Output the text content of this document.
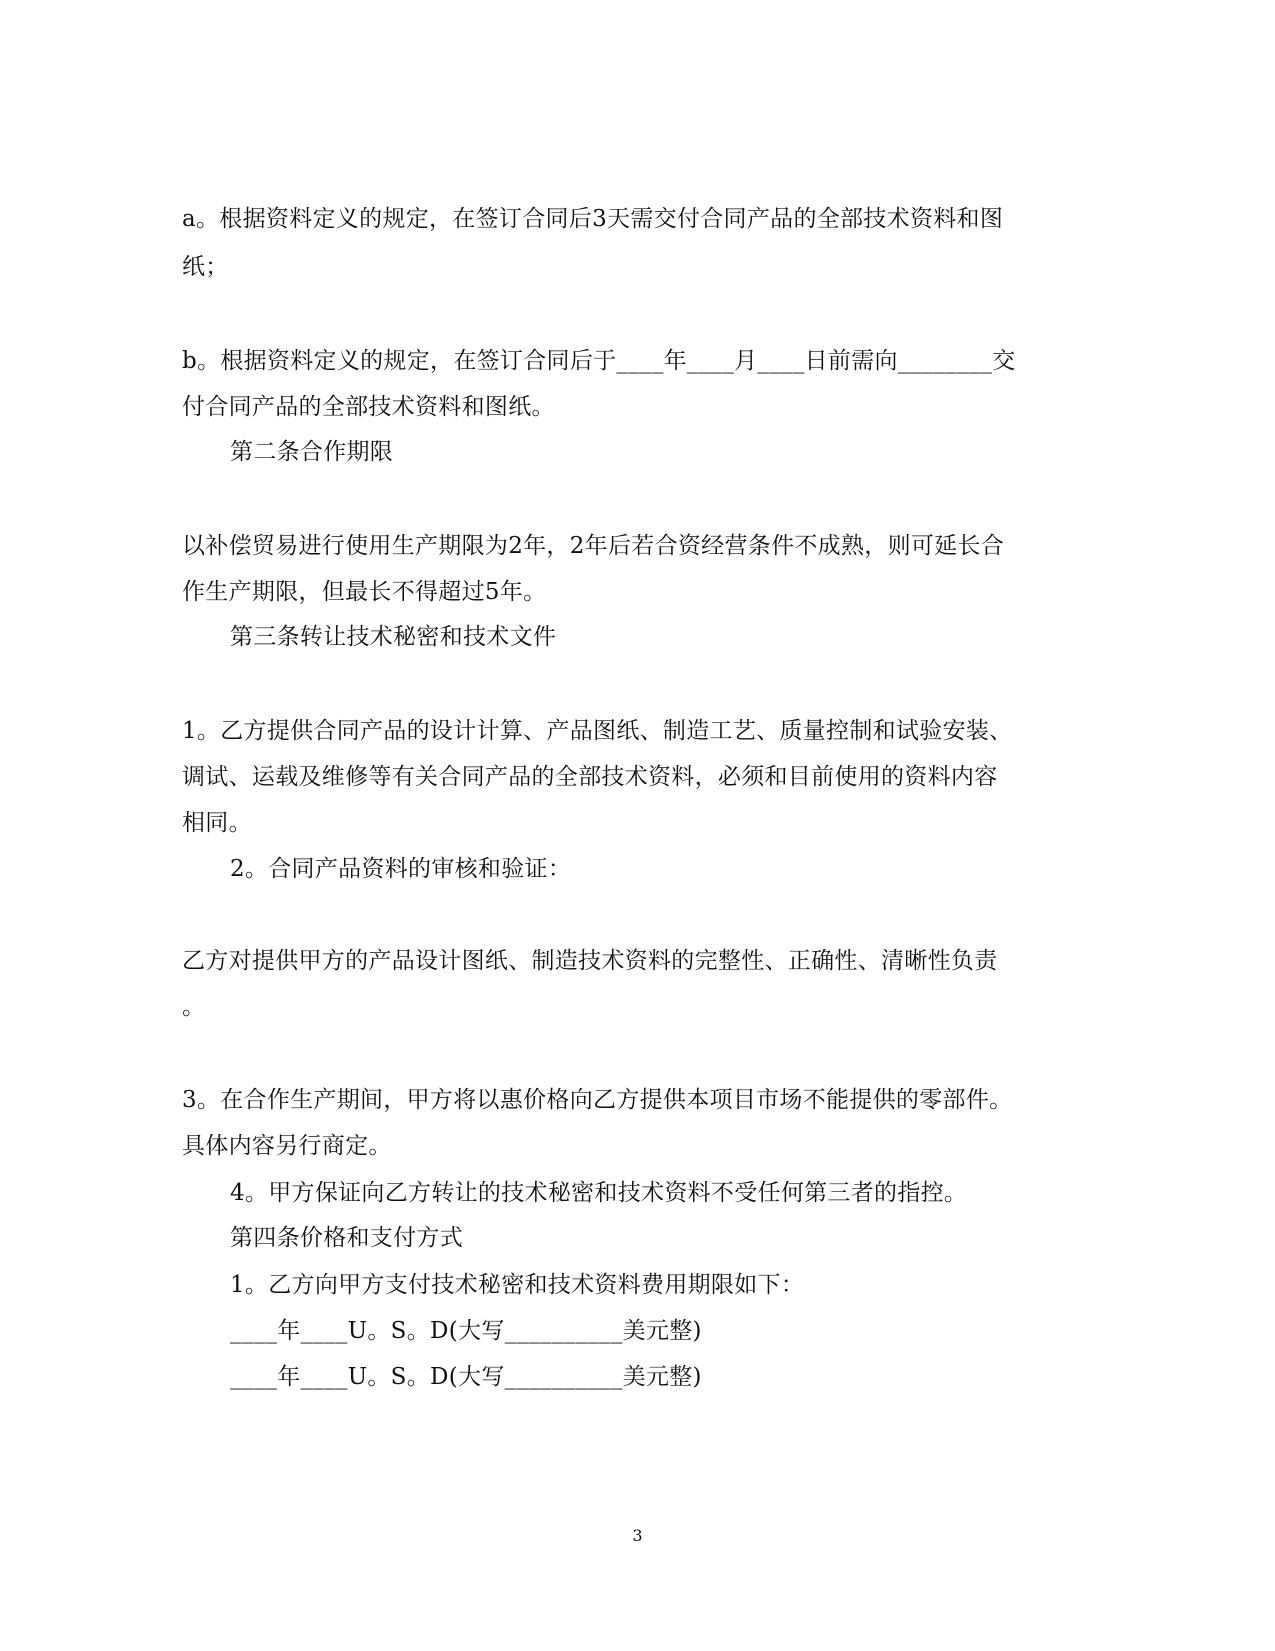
a。根据资料定义的规定，在签订合同后3天需交付合同产品的全部技术资料和图
纸；
b。根据资料定义的规定，在签订合同后于____年____月____日前需向________交
付合同产品的全部技术资料和图纸。
第二条合作期限
以补偿贸易进行使用生产期限为2年，2年后若合资经营条件不成熟，则可延长合
作生产期限，但最长不得超过5年。
第三条转让技术秘密和技术文件
1。乙方提供合同产品的设计计算、产品图纸、制造工艺、质量控制和试验安装、
调试、运载及维修等有关合同产品的全部技术资料，必须和目前使用的资料内容
相同。
2。合同产品资料的审核和验证：
乙方对提供甲方的产品设计图纸、制造技术资料的完整性、正确性、清晰性负责
。
3。在合作生产期间，甲方将以惠价格向乙方提供本项目市场不能提供的零部件。
具体内容另行商定。
4。甲方保证向乙方转让的技术秘密和技术资料不受任何第三者的指控。
第四条价格和支付方式
1。乙方向甲方支付技术秘密和技术资料费用期限如下：
____年____U。S。D(大写__________美元整)
____年____U。S。D(大写__________美元整)
3
